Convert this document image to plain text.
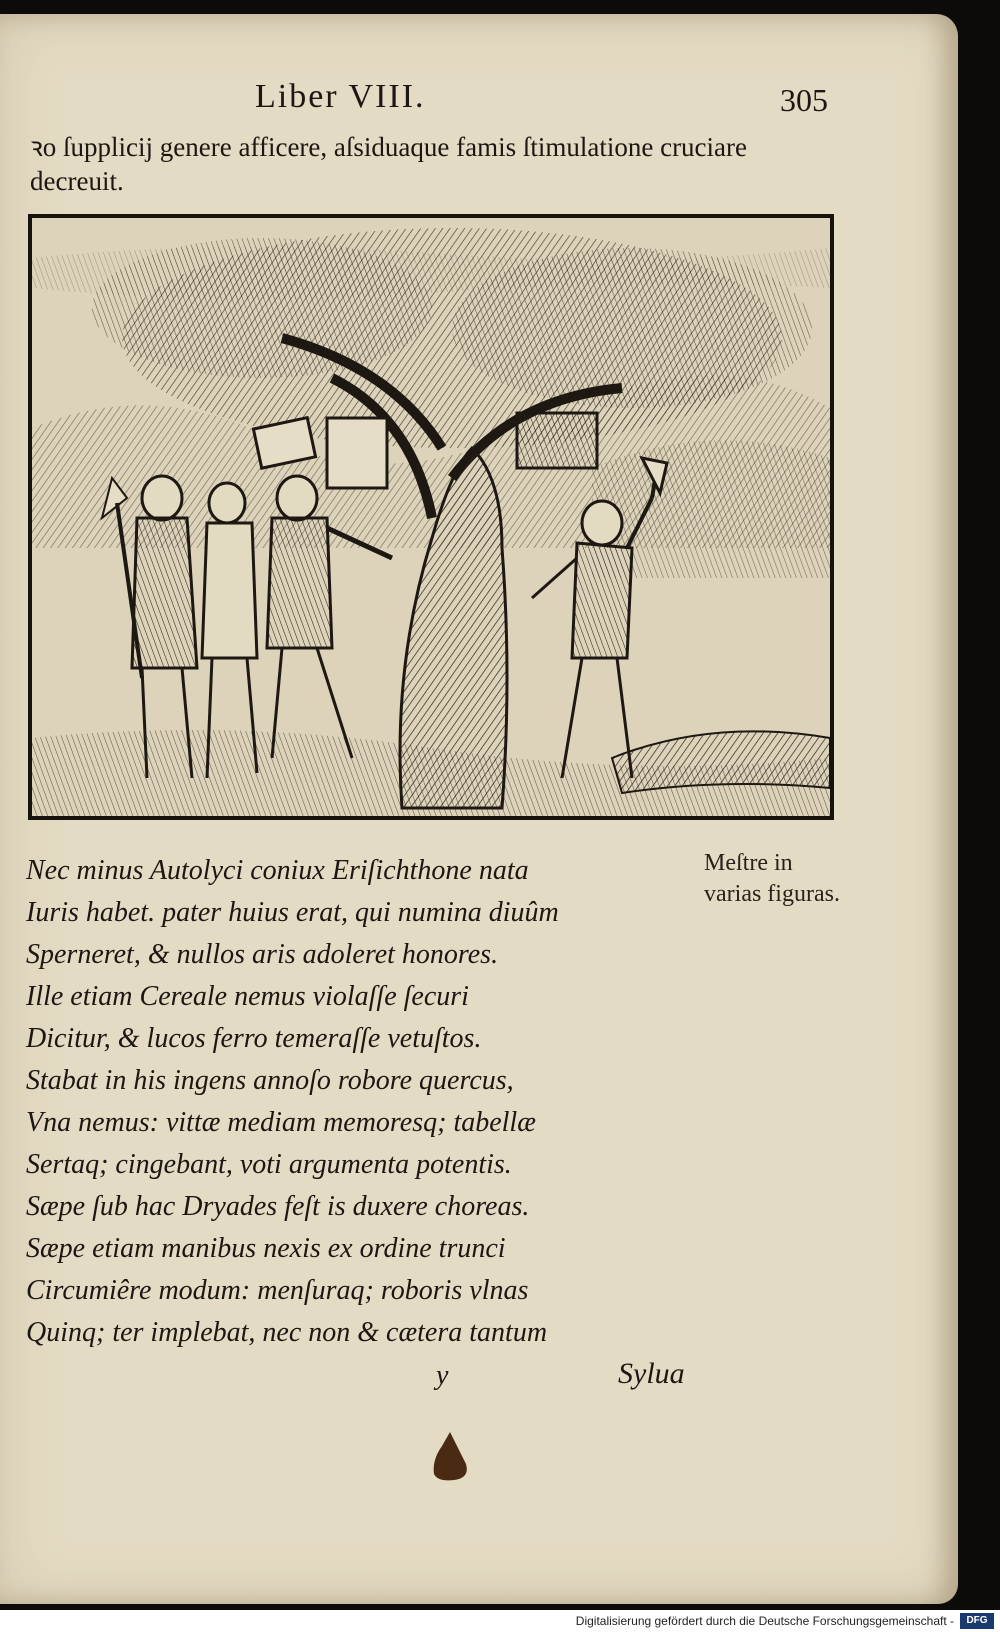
Liber VIII.	305
ꝛo ſupplicij genere afficere, aſsiduaque famis ſtimulatione cruciare decreuit.
Nec minus Autolyci coniux Eriſichthone nata
Iuris habet. pater huius erat, qui numina diuûm
Sperneret, & nullos aris adoleret honores.
Ille etiam Cereale nemus violaſſe ſecuri
Dicitur, & lucos ferro temeraſſe vetuſtos.
Stabat in his ingens annoſo robore quercus,
Vna nemus: vittæ mediam memoresq; tabellæ
Sertaq; cingebant, voti argumenta potentis.
Sæpe ſub hac Dryades feſt is duxere choreas.
Sæpe etiam manibus nexis ex ordine trunci
Circumiêre modum: menſuraq; roboris vlnas
Quinq; ter implebat, nec non & cætera tantum
Meſtre in varias figuras.
y	Sylua
Digitalisierung gefördert durch die Deutsche Forschungsgemeinschaft -	DFG
